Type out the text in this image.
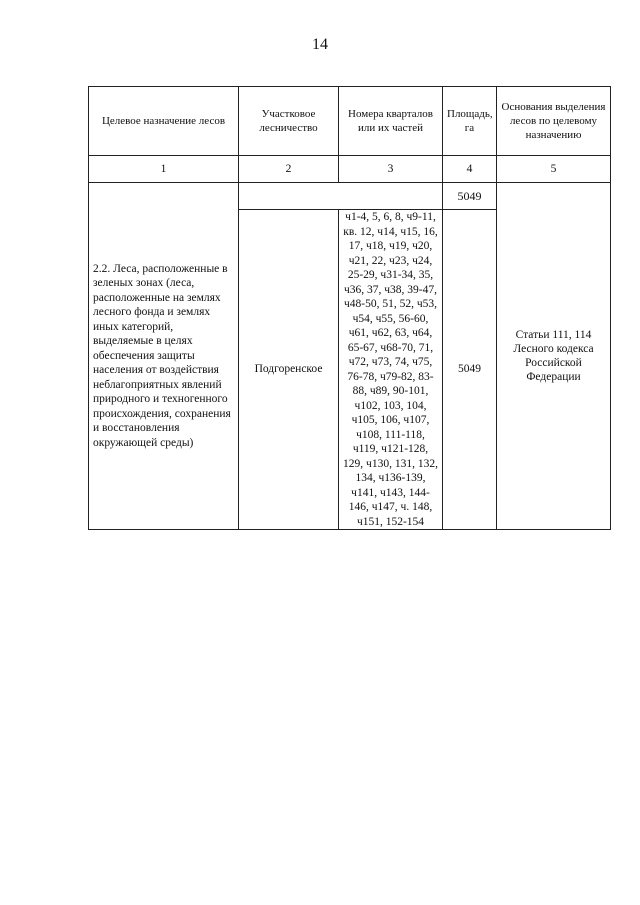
14
Целевое назначение лесов	Участковое лесничество	Номера кварталов или их частей	Площадь, га	Основания выделения лесов по целевому назначению
1	2	3	4	5
2.2. Леса, расположенные в зеленых зонах (леса, расположенные на землях лесного фонда и землях иных категорий, выделяемые в целях обеспечения защиты населения от воздействия неблагоприятных явлений природного и техногенного происхождения, сохранения и восстановления окружающей среды)			5049	Статьи 111, 114 Лесного кодекса Российской Федерации
	Подгоренское	ч1-4, 5, 6, 8, ч9-11, кв. 12, ч14, ч15, 16, 17, ч18, ч19, ч20, ч21, 22, ч23, ч24, 25-29, ч31-34, 35, ч36, 37, ч38, 39-47, ч48-50, 51, 52, ч53, ч54, ч55, 56-60, ч61, ч62, 63, ч64, 65-67, ч68-70, 71, ч72, ч73, 74, ч75, 76-78, ч79-82, 83-88, ч89, 90-101, ч102, 103, 104, ч105, 106, ч107, ч108, 111-118, ч119, ч121-128, 129, ч130, 131, 132, 134, ч136-139, ч141, ч143, 144-146, ч147, ч. 148, ч151, 152-154	5049	
